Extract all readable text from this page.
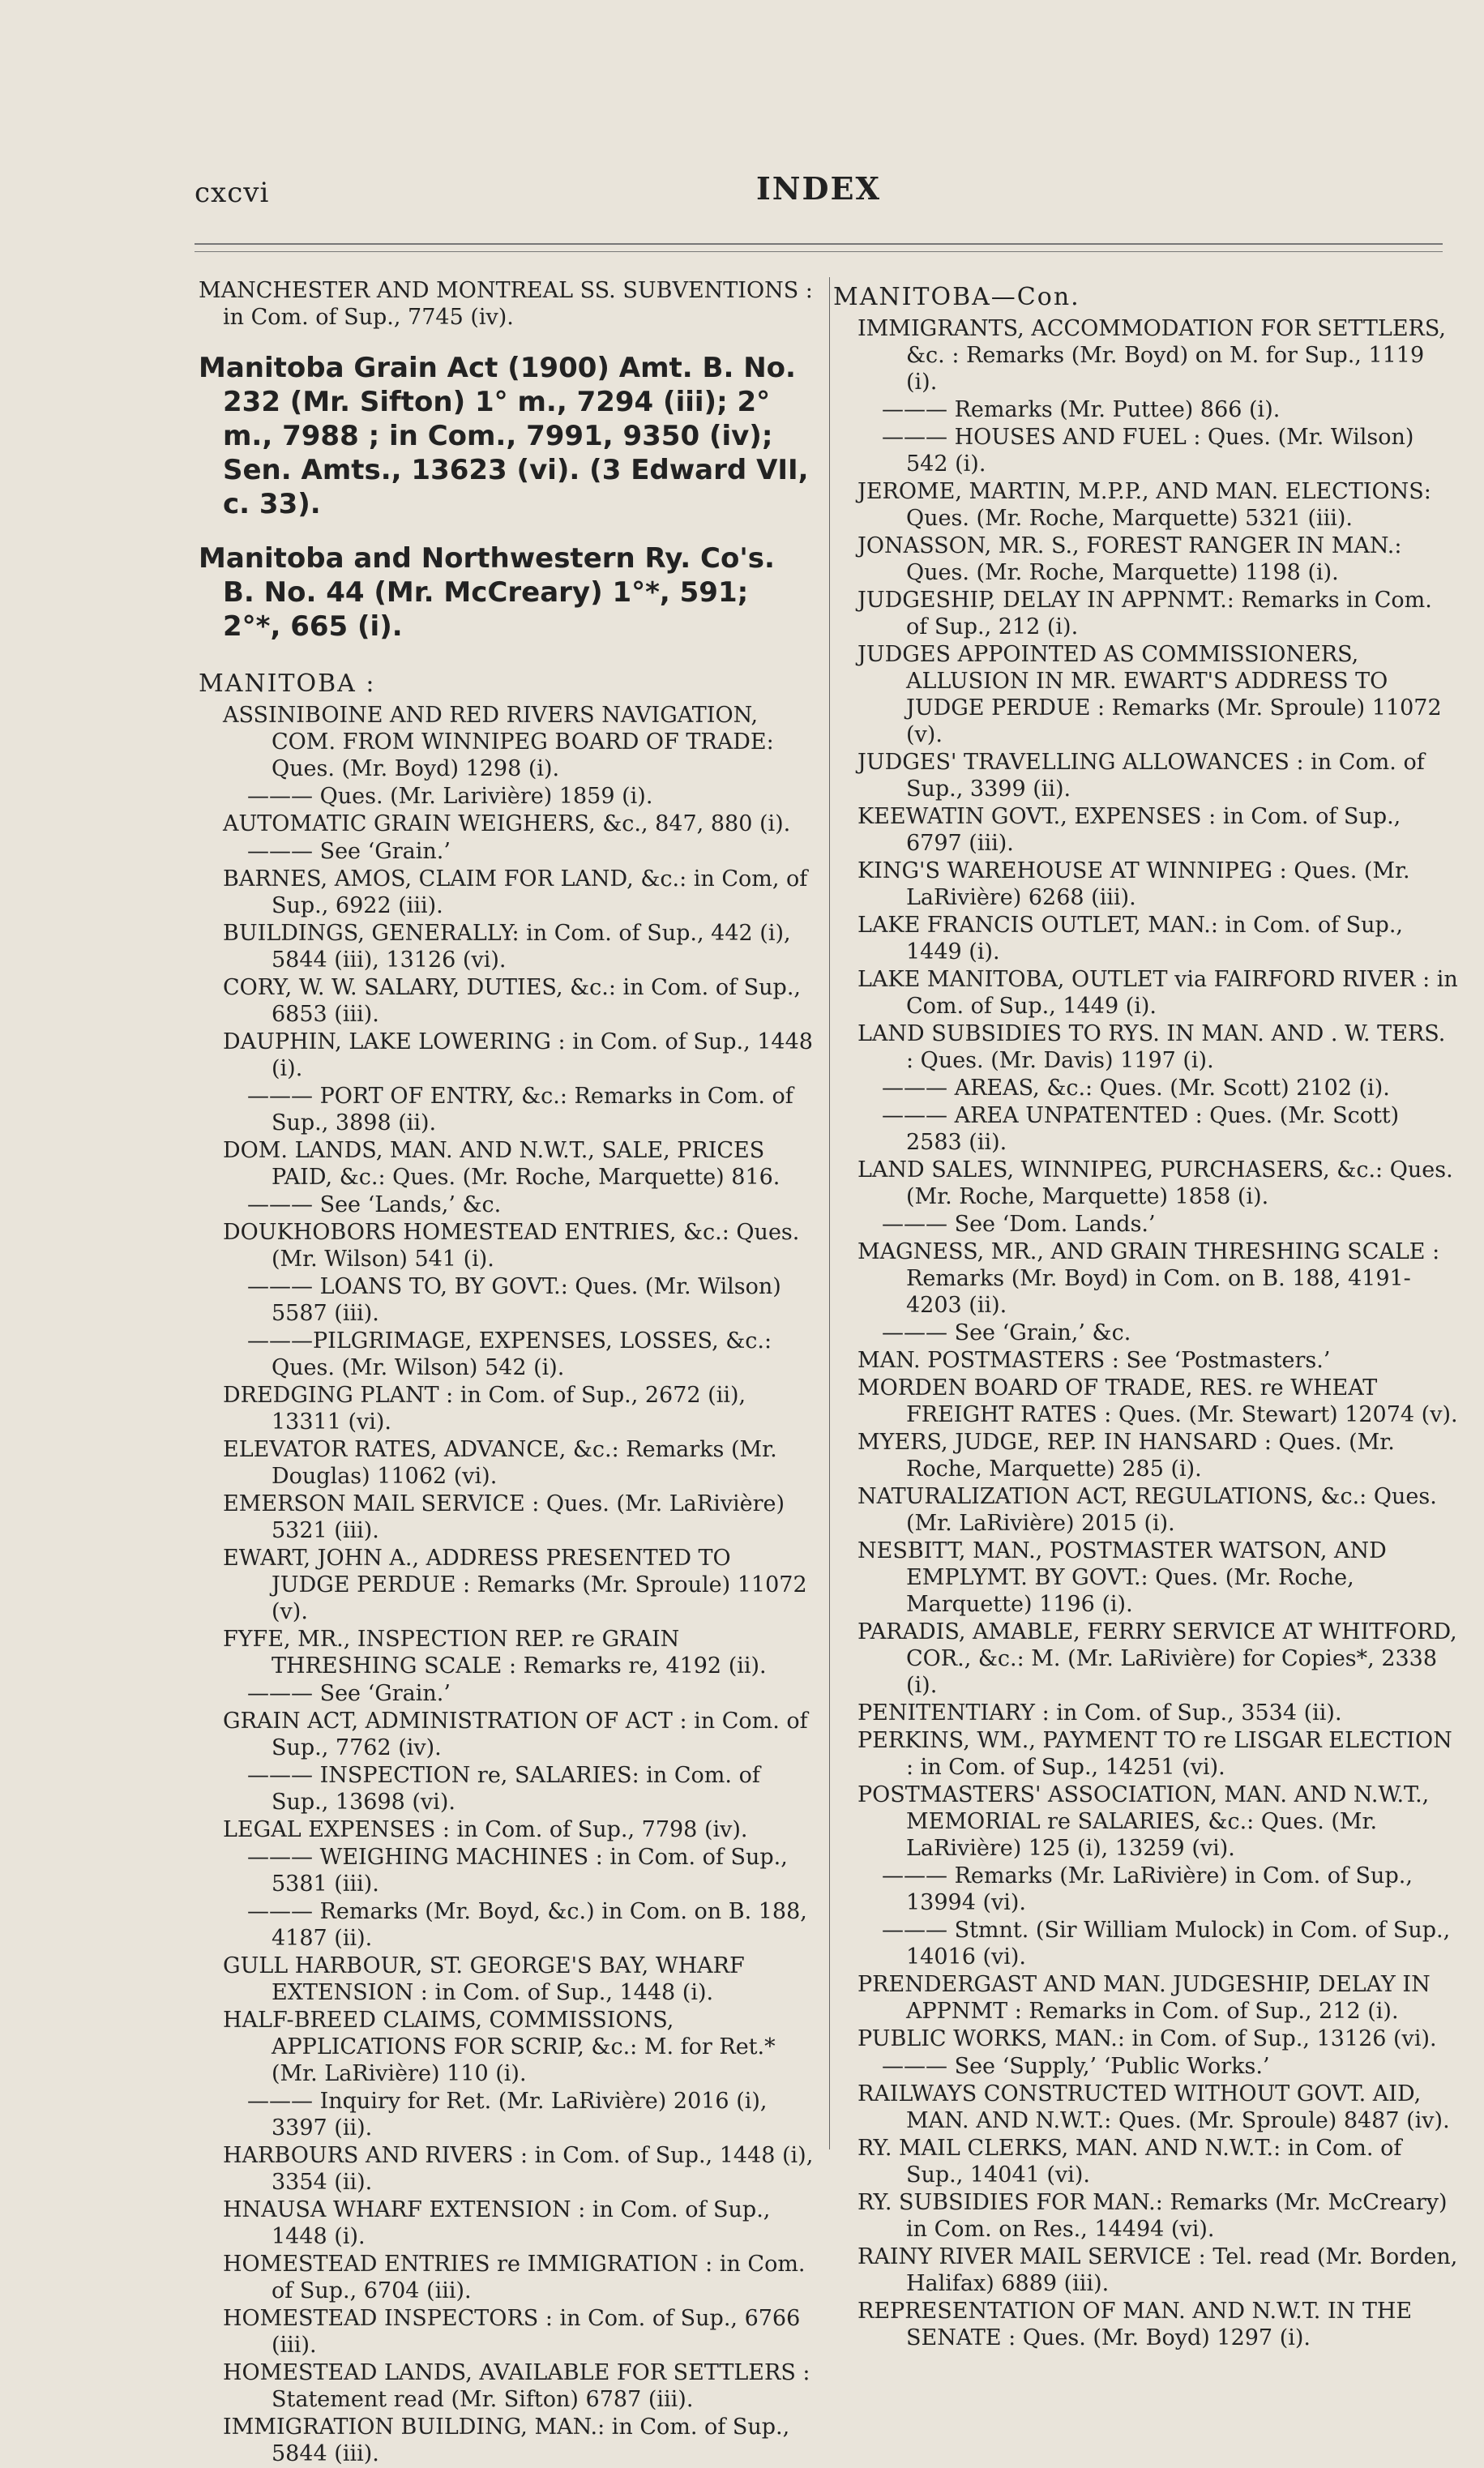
cxcvi	INDEX
MANCHESTER AND MONTREAL SS. SUBVENTIONS : in Com. of Sup., 7745 (iv).
Manitoba Grain Act (1900) Amt. B. No. 232 (Mr. Sifton) 1° m., 7294 (iii); 2° m., 7988 ; in Com., 7991, 9350 (iv); Sen. Amts., 13623 (vi). (3 Edward VII, c. 33).
Manitoba and Northwestern Ry. Co's. B. No. 44 (Mr. McCreary) 1°*, 591; 2°*, 665 (i).
MANITOBA :
ASSINIBOINE AND RED RIVERS NAVIGATION, COM. FROM WINNIPEG BOARD OF TRADE: Ques. (Mr. Boyd) 1298 (i).
——— Ques. (Mr. Larivière) 1859 (i).
AUTOMATIC GRAIN WEIGHERS, &c., 847, 880 (i).
——— See ‘Grain.’
BARNES, AMOS, CLAIM FOR LAND, &c.: in Com, of Sup., 6922 (iii).
BUILDINGS, GENERALLY: in Com. of Sup., 442 (i), 5844 (iii), 13126 (vi).
CORY, W. W. SALARY, DUTIES, &c.: in Com. of Sup., 6853 (iii).
DAUPHIN, LAKE LOWERING : in Com. of Sup., 1448 (i).
——— PORT OF ENTRY, &c.: Remarks in Com. of Sup., 3898 (ii).
DOM. LANDS, MAN. AND N.W.T., SALE, PRICES PAID, &c.: Ques. (Mr. Roche, Marquette) 816.
——— See ‘Lands,’ &c.
DOUKHOBORS HOMESTEAD ENTRIES, &c.: Ques. (Mr. Wilson) 541 (i).
——— LOANS TO, BY GOVT.: Ques. (Mr. Wilson) 5587 (iii).
———PILGRIMAGE, EXPENSES, LOSSES, &c.: Ques. (Mr. Wilson) 542 (i).
DREDGING PLANT : in Com. of Sup., 2672 (ii), 13311 (vi).
ELEVATOR RATES, ADVANCE, &c.: Remarks (Mr. Douglas) 11062 (vi).
EMERSON MAIL SERVICE : Ques. (Mr. LaRivière) 5321 (iii).
EWART, JOHN A., ADDRESS PRESENTED TO JUDGE PERDUE : Remarks (Mr. Sproule) 11072 (v).
FYFE, MR., INSPECTION REP. re GRAIN THRESHING SCALE : Remarks re, 4192 (ii).
——— See ‘Grain.’
GRAIN ACT, ADMINISTRATION OF ACT : in Com. of Sup., 7762 (iv).
——— INSPECTION re, SALARIES: in Com. of Sup., 13698 (vi).
LEGAL EXPENSES : in Com. of Sup., 7798 (iv).
——— WEIGHING MACHINES : in Com. of Sup., 5381 (iii).
——— Remarks (Mr. Boyd, &c.) in Com. on B. 188, 4187 (ii).
GULL HARBOUR, ST. GEORGE'S BAY, WHARF EXTENSION : in Com. of Sup., 1448 (i).
HALF-BREED CLAIMS, COMMISSIONS, APPLICATIONS FOR SCRIP, &c.: M. for Ret.* (Mr. LaRivière) 110 (i).
——— Inquiry for Ret. (Mr. LaRivière) 2016 (i), 3397 (ii).
HARBOURS AND RIVERS : in Com. of Sup., 1448 (i), 3354 (ii).
HNAUSA WHARF EXTENSION : in Com. of Sup., 1448 (i).
HOMESTEAD ENTRIES re IMMIGRATION : in Com. of Sup., 6704 (iii).
HOMESTEAD INSPECTORS : in Com. of Sup., 6766 (iii).
HOMESTEAD LANDS, AVAILABLE FOR SETTLERS : Statement read (Mr. Sifton) 6787 (iii).
IMMIGRATION BUILDING, MAN.: in Com. of Sup., 5844 (iii).
MANITOBA—Con.
IMMIGRANTS, ACCOMMODATION FOR SETTLERS, &c. : Remarks (Mr. Boyd) on M. for Sup., 1119 (i).
——— Remarks (Mr. Puttee) 866 (i).
——— HOUSES AND FUEL : Ques. (Mr. Wilson) 542 (i).
JEROME, MARTIN, M.P.P., AND MAN. ELECTIONS: Ques. (Mr. Roche, Marquette) 5321 (iii).
JONASSON, MR. S., FOREST RANGER IN MAN.: Ques. (Mr. Roche, Marquette) 1198 (i).
JUDGESHIP, DELAY IN APPNMT.: Remarks in Com. of Sup., 212 (i).
JUDGES APPOINTED AS COMMISSIONERS, ALLUSION IN MR. EWART'S ADDRESS TO JUDGE PERDUE : Remarks (Mr. Sproule) 11072 (v).
JUDGES' TRAVELLING ALLOWANCES : in Com. of Sup., 3399 (ii).
KEEWATIN GOVT., EXPENSES : in Com. of Sup., 6797 (iii).
KING'S WAREHOUSE AT WINNIPEG : Ques. (Mr. LaRivière) 6268 (iii).
LAKE FRANCIS OUTLET, MAN.: in Com. of Sup., 1449 (i).
LAKE MANITOBA, OUTLET via FAIRFORD RIVER : in Com. of Sup., 1449 (i).
LAND SUBSIDIES TO RYS. IN MAN. AND . W. TERS. : Ques. (Mr. Davis) 1197 (i).
——— AREAS, &c.: Ques. (Mr. Scott) 2102 (i).
——— AREA UNPATENTED : Ques. (Mr. Scott) 2583 (ii).
LAND SALES, WINNIPEG, PURCHASERS, &c.: Ques. (Mr. Roche, Marquette) 1858 (i).
——— See ‘Dom. Lands.’
MAGNESS, MR., AND GRAIN THRESHING SCALE : Remarks (Mr. Boyd) in Com. on B. 188, 4191-4203 (ii).
——— See ‘Grain,’ &c.
MAN. POSTMASTERS : See ‘Postmasters.’
MORDEN BOARD OF TRADE, RES. re WHEAT FREIGHT RATES : Ques. (Mr. Stewart) 12074 (v).
MYERS, JUDGE, REP. IN HANSARD : Ques. (Mr. Roche, Marquette) 285 (i).
NATURALIZATION ACT, REGULATIONS, &c.: Ques. (Mr. LaRivière) 2015 (i).
NESBITT, MAN., POSTMASTER WATSON, AND EMPLYMT. BY GOVT.: Ques. (Mr. Roche, Marquette) 1196 (i).
PARADIS, AMABLE, FERRY SERVICE AT WHITFORD, COR., &c.: M. (Mr. LaRivière) for Copies*, 2338 (i).
PENITENTIARY : in Com. of Sup., 3534 (ii).
PERKINS, WM., PAYMENT TO re LISGAR ELECTION : in Com. of Sup., 14251 (vi).
POSTMASTERS' ASSOCIATION, MAN. AND N.W.T., MEMORIAL re SALARIES, &c.: Ques. (Mr. LaRivière) 125 (i), 13259 (vi).
——— Remarks (Mr. LaRivière) in Com. of Sup., 13994 (vi).
——— Stmnt. (Sir William Mulock) in Com. of Sup., 14016 (vi).
PRENDERGAST AND MAN. JUDGESHIP, DELAY IN APPNMT : Remarks in Com. of Sup., 212 (i).
PUBLIC WORKS, MAN.: in Com. of Sup., 13126 (vi).
——— See ‘Supply,’ ‘Public Works.’
RAILWAYS CONSTRUCTED WITHOUT GOVT. AID, MAN. AND N.W.T.: Ques. (Mr. Sproule) 8487 (iv).
RY. MAIL CLERKS, MAN. AND N.W.T.: in Com. of Sup., 14041 (vi).
RY. SUBSIDIES FOR MAN.: Remarks (Mr. McCreary) in Com. on Res., 14494 (vi).
RAINY RIVER MAIL SERVICE : Tel. read (Mr. Borden, Halifax) 6889 (iii).
REPRESENTATION OF MAN. AND N.W.T. IN THE SENATE : Ques. (Mr. Boyd) 1297 (i).
